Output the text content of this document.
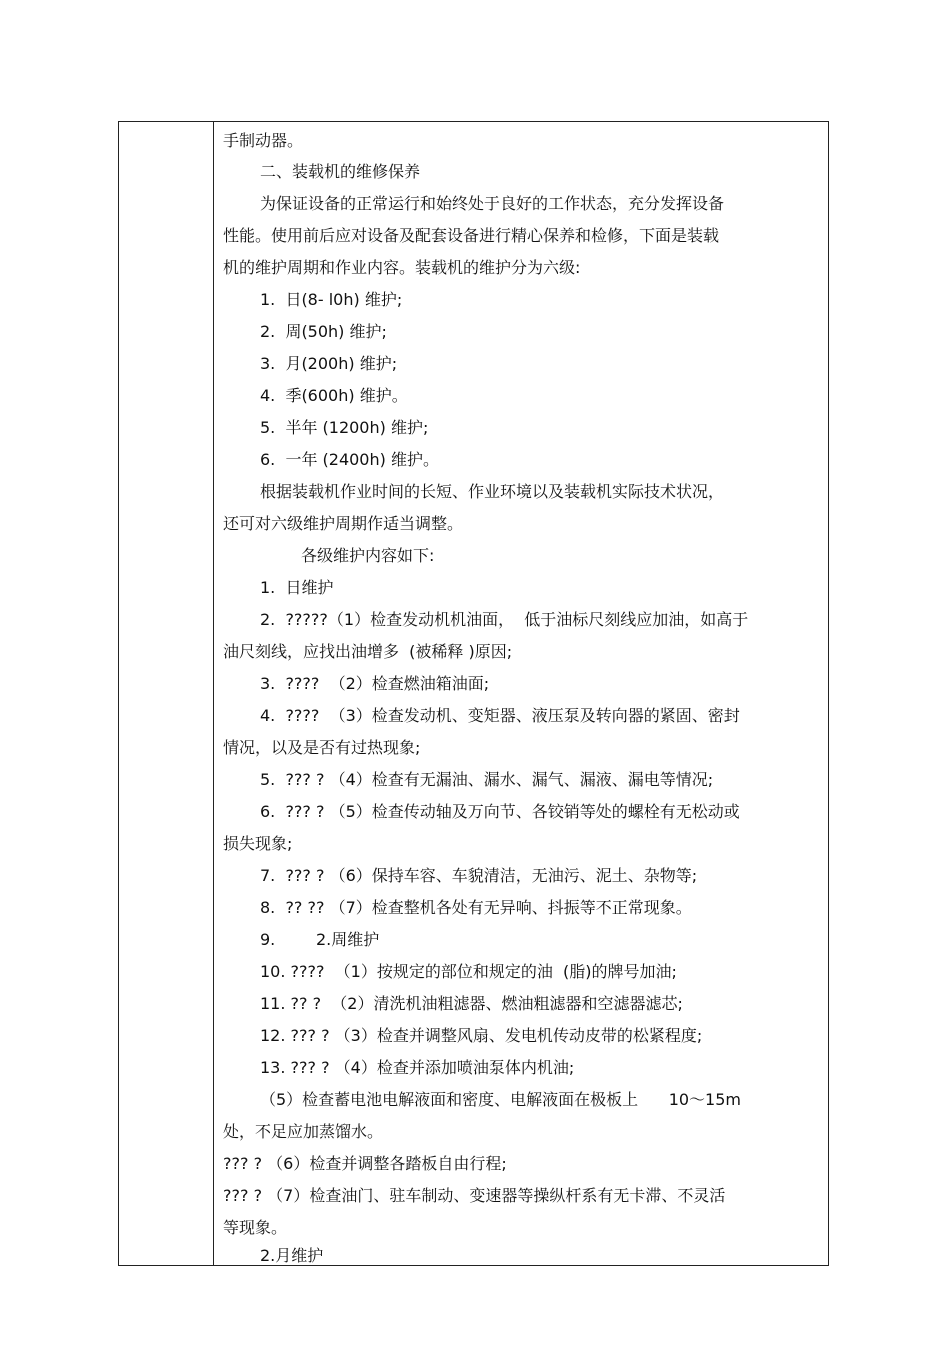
手制动器。
二、装载机的维修保养
为保证设备的正常运行和始终处于良好的工作状态，充分发挥设备
性能。使用前后应对设备及配套设备进行精心保养和检修，下面是装载
机的维护周期和作业内容。装载机的维护分为六级:
1.  日(8- l0h) 维护;
2.  周(50h) 维护;
3.  月(200h) 维护;
4.  季(600h) 维护。
5.  半年 (1200h) 维护;
6.  一年 (2400h) 维护。
根据装载机作业时间的长短、作业环境以及装载机实际技术状况，
还可对六级维护周期作适当调整。
各级维护内容如下:
1.  日维护
2.  ?????（1）检查发动机机油面，  低于油标尺刻线应加油，如高于
油尺刻线，应找出油增多  (被稀释 )原因;
3.  ????  （2）检查燃油箱油面;
4.  ????  （3）检查发动机、变矩器、液压泵及转向器的紧固、密封
情况，以及是否有过热现象;
5.  ??? ? （4）检查有无漏油、漏水、漏气、漏液、漏电等情况;
6.  ??? ? （5）检查传动轴及万向节、各铰销等处的螺栓有无松动或
损失现象;
7.  ??? ? （6）保持车容、车貌清洁，无油污、泥土、杂物等;
8.  ?? ?? （7）检查整机各处有无异响、抖振等不正常现象。
9.        2.周维护
10. ????  （1）按规定的部位和规定的油  (脂)的牌号加油;
11. ?? ?  （2）清洗机油粗滤器、燃油粗滤器和空滤器滤芯;
12. ??? ? （3）检查并调整风扇、发电机传动皮带的松紧程度;
13. ??? ? （4）检查并添加喷油泵体内机油;
（5）检查蓄电池电解液面和密度、电解液面在极板上      10～15m
处，不足应加蒸馏水。
??? ? （6）检查并调整各踏板自由行程;
??? ? （7）检查油门、驻车制动、变速器等操纵杆系有无卡滞、不灵活
等现象。
2.月维护
